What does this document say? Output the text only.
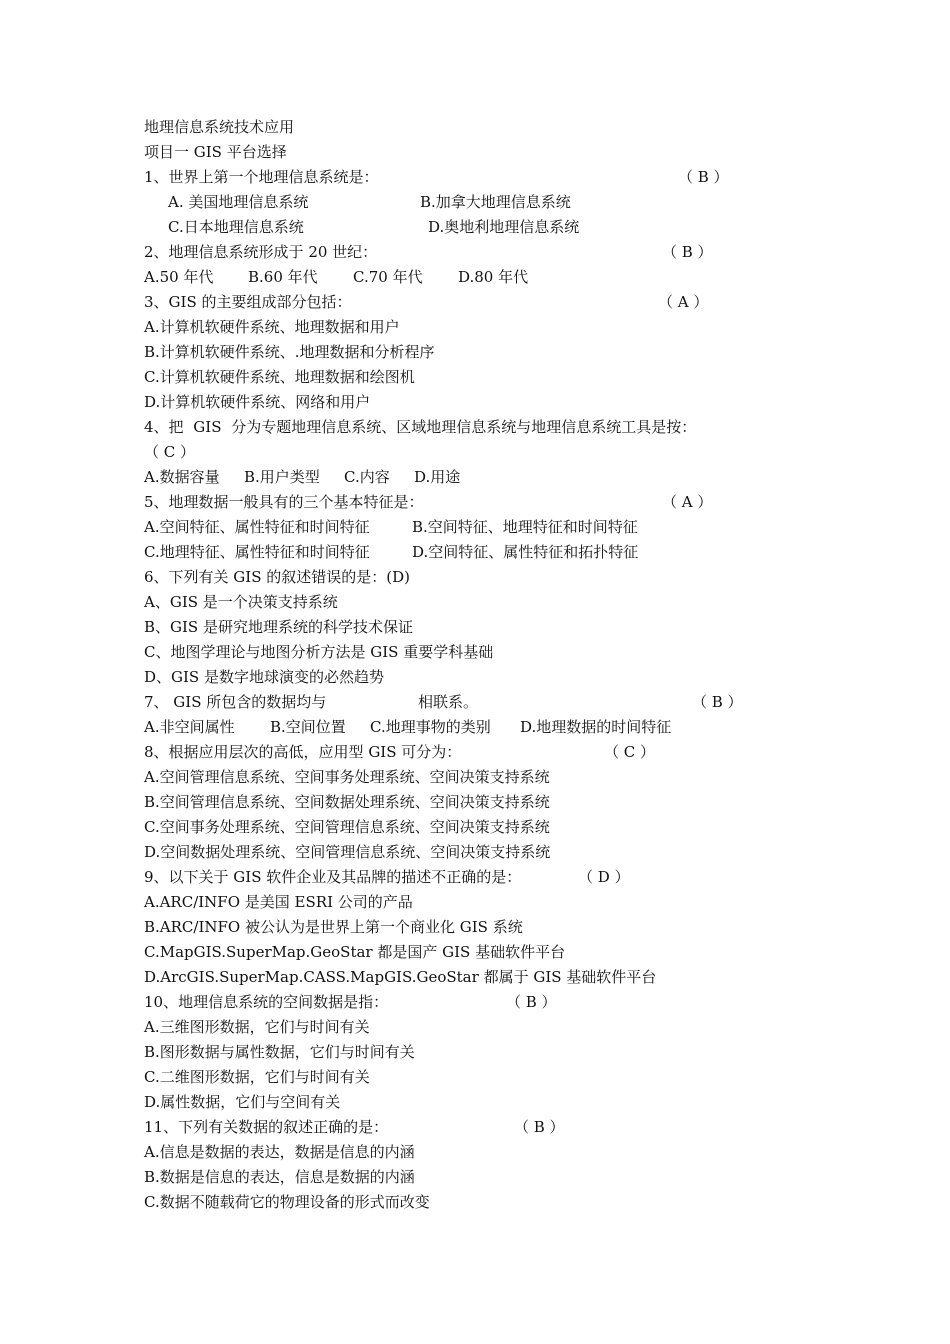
地理信息系统技术应用
项目一 GIS 平台选择
1、世界上第一个地理信息系统是：	（ B ）
A. 美国地理信息系统	B.加拿大地理信息系统
C.日本地理信息系统	D.奥地利地理信息系统
2、地理信息系统形成于 20 世纪：	（ B ）
A.50 年代 B.60 年代 C.70 年代 D.80 年代
3、GIS 的主要组成部分包括：	（ A ）
A.计算机软硬件系统、地理数据和用户
B.计算机软硬件系统、.地理数据和分析程序
C.计算机软硬件系统、地理数据和绘图机
D.计算机软硬件系统、网络和用户
4、把 GIS 分为专题地理信息系统、区域地理信息系统与地理信息系统工具是按：
（ C ）
A.数据容量 B.用户类型 C.内容 D.用途
5、地理数据一般具有的三个基本特征是：	（ A ）
A.空间特征、属性特征和时间特征	B.空间特征、地理特征和时间特征
C.地理特征、属性特征和时间特征	D.空间特征、属性特征和拓扑特征
6、下列有关 GIS 的叙述错误的是：(D)
A、GIS 是一个决策支持系统
B、GIS 是研究地理系统的科学技术保证
C、地图学理论与地图分析方法是 GIS 重要学科基础
D、GIS 是数字地球演变的必然趋势
7、 GIS 所包含的数据均与	相联系。	（ B ）
A.非空间属性 B.空间位置 C.地理事物的类别 D.地理数据的时间特征
8、根据应用层次的高低，应用型 GIS 可分为：	（ C ）
A.空间管理信息系统、空间事务处理系统、空间决策支持系统
B.空间管理信息系统、空间数据处理系统、空间决策支持系统
C.空间事务处理系统、空间管理信息系统、空间决策支持系统
D.空间数据处理系统、空间管理信息系统、空间决策支持系统
9、以下关于 GIS 软件企业及其品牌的描述不正确的是：	（ D ）
A.ARC/INFO 是美国 ESRI 公司的产品
B.ARC/INFO 被公认为是世界上第一个商业化 GIS 系统
C.MapGIS.SuperMap.GeoStar 都是国产 GIS 基础软件平台
D.ArcGIS.SuperMap.CASS.MapGIS.GeoStar 都属于 GIS 基础软件平台
10、地理信息系统的空间数据是指：	（ B ）
A.三维图形数据，它们与时间有关
B.图形数据与属性数据，它们与时间有关
C.二维图形数据，它们与时间有关
D.属性数据，它们与空间有关
11、下列有关数据的叙述正确的是：	（ B ）
A.信息是数据的表达，数据是信息的内涵
B.数据是信息的表达，信息是数据的内涵
C.数据不随载荷它的物理设备的形式而改变
